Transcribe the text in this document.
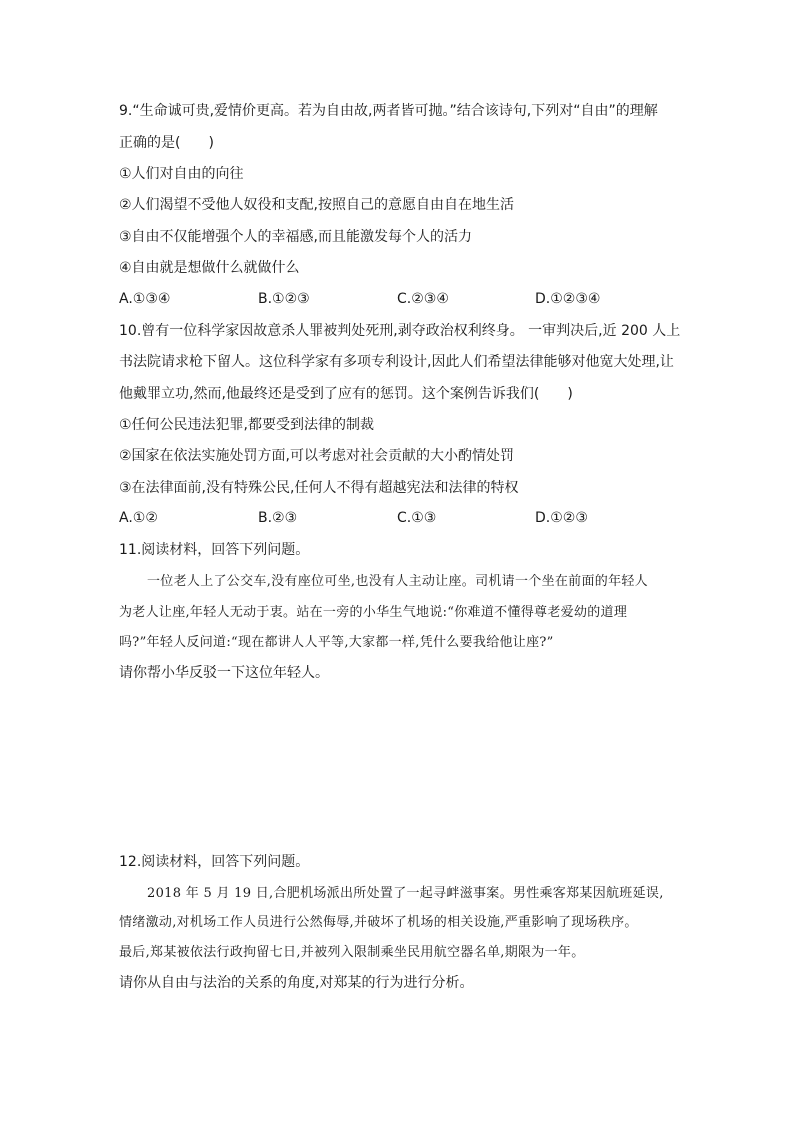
9.“生命诚可贵,爱情价更高。若为自由故,两者皆可抛。”结合该诗句,下列对“自由”的理解
正确的是(　　)
①人们对自由的向往
②人们渴望不受他人奴役和支配,按照自己的意愿自由自在地生活
③自由不仅能增强个人的幸福感,而且能激发每个人的活力
④自由就是想做什么就做什么
A.①③④	B.①②③	C.②③④	D.①②③④
10.曾有一位科学家因故意杀人罪被判处死刑,剥夺政治权利终身。 一审判决后,近 200 人上
书法院请求枪下留人。这位科学家有多项专利设计,因此人们希望法律能够对他宽大处理,让
他戴罪立功,然而,他最终还是受到了应有的惩罚。这个案例告诉我们(　　)
①任何公民违法犯罪,都要受到法律的制裁
②国家在依法实施处罚方面,可以考虑对社会贡献的大小酌情处罚
③在法律面前,没有特殊公民,任何人不得有超越宪法和法律的特权
A.①②	B.②③	C.①③	D.①②③
11.阅读材料，回答下列问题。
一位老人上了公交车,没有座位可坐,也没有人主动让座。司机请一个坐在前面的年轻人
为老人让座,年轻人无动于衷。站在一旁的小华生气地说:“你难道不懂得尊老爱幼的道理
吗?”年轻人反问道:“现在都讲人人平等,大家都一样,凭什么要我给他让座?”
请你帮小华反驳一下这位年轻人。
12.阅读材料，回答下列问题。
2018 年 5 月 19 日,合肥机场派出所处置了一起寻衅滋事案。男性乘客郑某因航班延误,
情绪激动,对机场工作人员进行公然侮辱,并破坏了机场的相关设施,严重影响了现场秩序。
最后,郑某被依法行政拘留七日,并被列入限制乘坐民用航空器名单,期限为一年。
请你从自由与法治的关系的角度,对郑某的行为进行分析。
